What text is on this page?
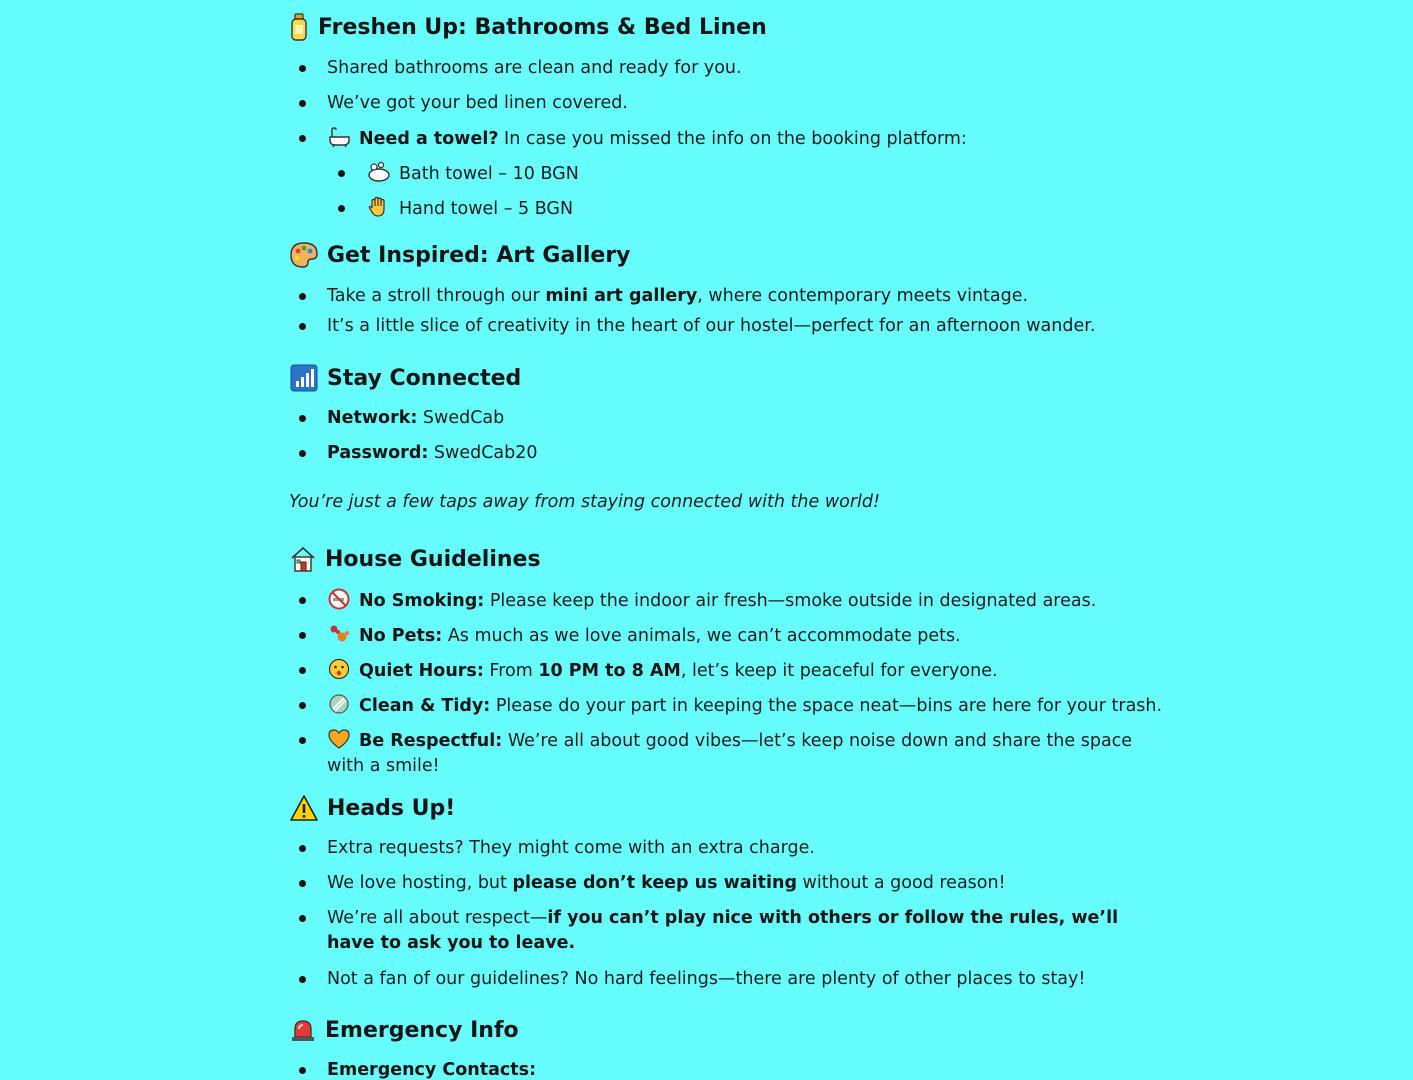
Freshen Up: Bathrooms & Bed Linen
Shared bathrooms are clean and ready for you.
We’ve got your bed linen covered.
Need a towel? In case you missed the info on the booking platform:
Bath towel – 10 BGN
Hand towel – 5 BGN
Get Inspired: Art Gallery
Take a stroll through our mini art gallery, where contemporary meets vintage.
It’s a little slice of creativity in the heart of our hostel—perfect for an afternoon wander.
Stay Connected
Network: SwedCab
Password: SwedCab20
You’re just a few taps away from staying connected with the world!
House Guidelines
No Smoking: Please keep the indoor air fresh—smoke outside in designated areas.
No Pets: As much as we love animals, we can’t accommodate pets.
Quiet Hours: From 10 PM to 8 AM, let’s keep it peaceful for everyone.
Clean & Tidy: Please do your part in keeping the space neat—bins are here for your trash.
Be Respectful: We’re all about good vibes—let’s keep noise down and share the space with a smile!
Heads Up!
Extra requests? They might come with an extra charge.
We love hosting, but please don’t keep us waiting without a good reason!
We’re all about respect—if you can’t play nice with others or follow the rules, we’ll have to ask you to leave.
Not a fan of our guidelines? No hard feelings—there are plenty of other places to stay!
Emergency Info
Emergency Contacts:
